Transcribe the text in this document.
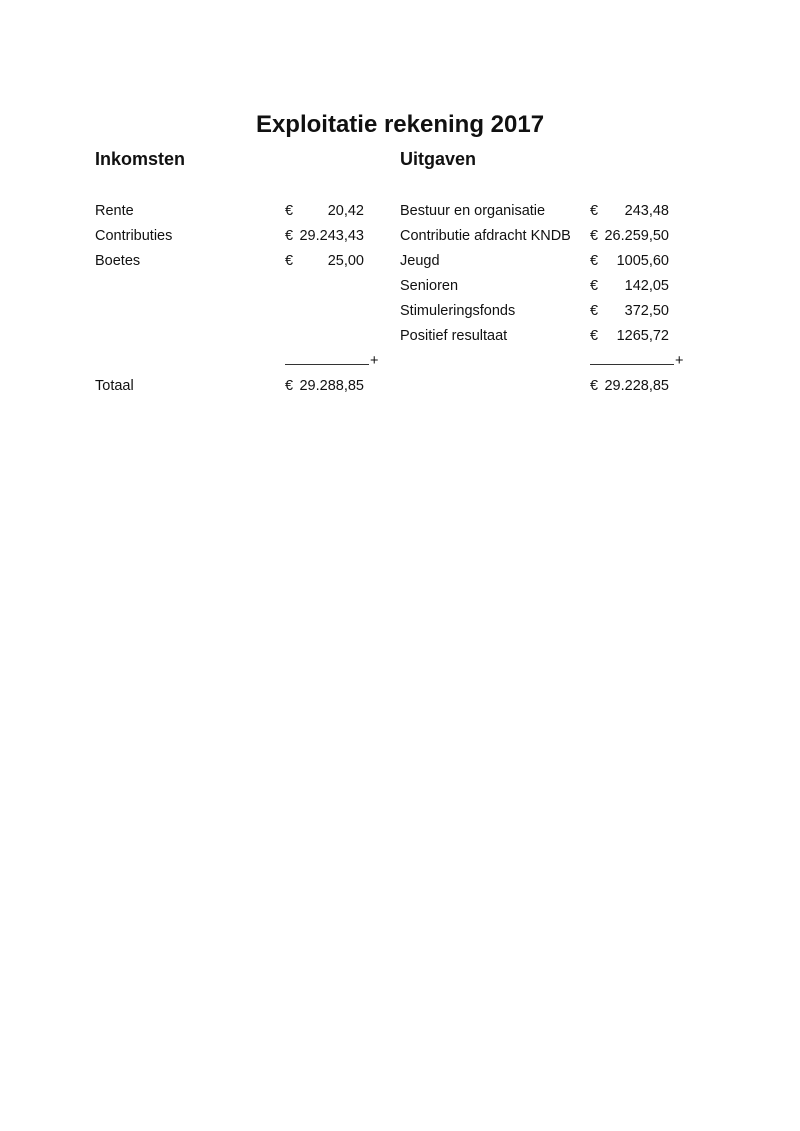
Exploitatie rekening 2017
Inkomsten
Rente	€ 20,42
Contributies	€ 29.243,43
Boetes	€ 25,00
+
Totaal	€ 29.288,85
Uitgaven
Bestuur en organisatie	€ 243,48
Contributie afdracht KNDB € 26.259,50
Jeugd	€ 1005,60
Senioren	€ 142,05
Stimuleringsfonds	€ 372,50
Positief resultaat	€ 1265,72
+
€ 29.228,85
